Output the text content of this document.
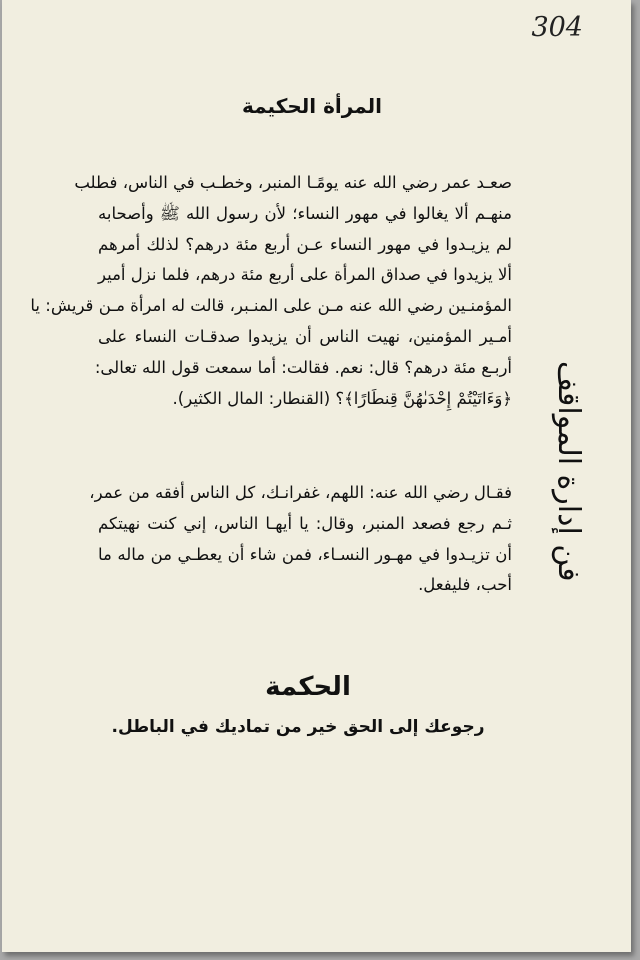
304
فن إدارة المواقف
المرأة الحكيمة
صعـد عمر رضي الله عنه يومًـا المنبر، وخطـب في الناس، فطلب
منهـم ألا يغالوا في مهور النساء؛ لأن رسول الله ﷺ وأصحابه
لم يزيـدوا في مهور النساء عـن أربع مئة درهم؟ لذلك أمرهم
ألا يزيدوا في صداق المرأة على أربع مئة درهم، فلما نزل أمير
المؤمنـين رضي الله عنه مـن على المنـبر، قالت له امرأة مـن قريش: يا
أمـير المؤمنين، نهيت الناس أن يزيدوا صدقـات النساء على
أربـع مئة درهم؟ قال: نعم. فقالت: أما سمعت قول الله تعالى:
﴿وَءَاتَيْتُمْ إِحْدَىٰهُنَّ قِنطَارًا﴾؟ (القنطار: المال الكثير).
فقـال رضي الله عنه: اللهم، غفرانـك، كل الناس أفقه من عمر،
ثـم رجع فصعد المنبر، وقال: يا أيهـا الناس، إني كنت نهيتكم
أن تزيـدوا في مهـور النسـاء، فمن شاء أن يعطـي من ماله ما
أحب، فليفعل.
الحكمة
رجوعك إلى الحق خير من تماديك في الباطل.
